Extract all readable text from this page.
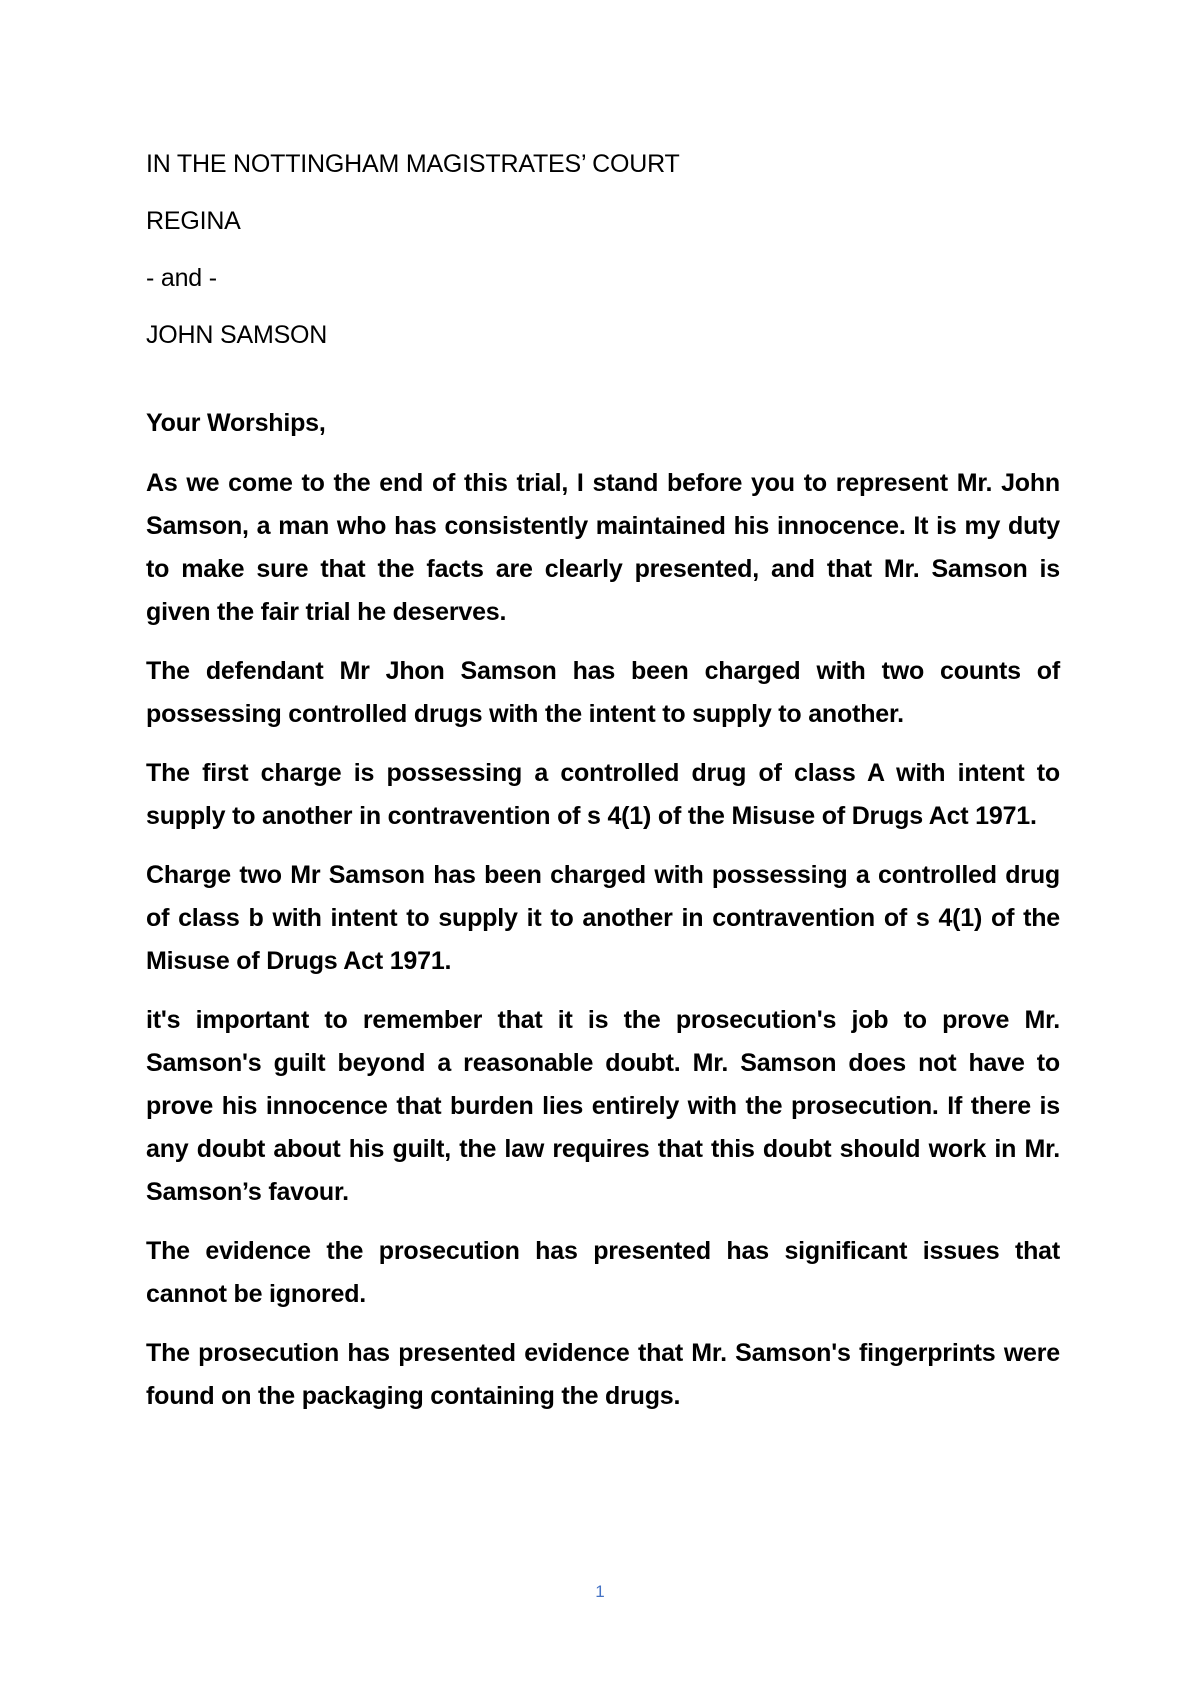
IN THE NOTTINGHAM MAGISTRATES’ COURT

REGINA

- and -

JOHN SAMSON

Your Worships,

As we come to the end of this trial, I stand before you to represent Mr. John Samson, a man who has consistently maintained his innocence. It is my duty to make sure that the facts are clearly presented, and that Mr. Samson is given the fair trial he deserves.

The defendant Mr Jhon Samson has been charged with two counts of possessing controlled drugs with the intent to supply to another.

The first charge is possessing a controlled drug of class A with intent to supply to another in contravention of s 4(1) of the Misuse of Drugs Act 1971.

Charge two Mr Samson has been charged with possessing a controlled drug of class b with intent to supply it to another in contravention of s 4(1) of the Misuse of Drugs Act 1971.

it's important to remember that it is the prosecution's job to prove Mr. Samson's guilt beyond a reasonable doubt. Mr. Samson does not have to prove his innocence that burden lies entirely with the prosecution. If there is any doubt about his guilt, the law requires that this doubt should work in Mr. Samson’s favour.

The evidence the prosecution has presented has significant issues that cannot be ignored.

The prosecution has presented evidence that Mr. Samson's fingerprints were found on the packaging containing the drugs.

1
